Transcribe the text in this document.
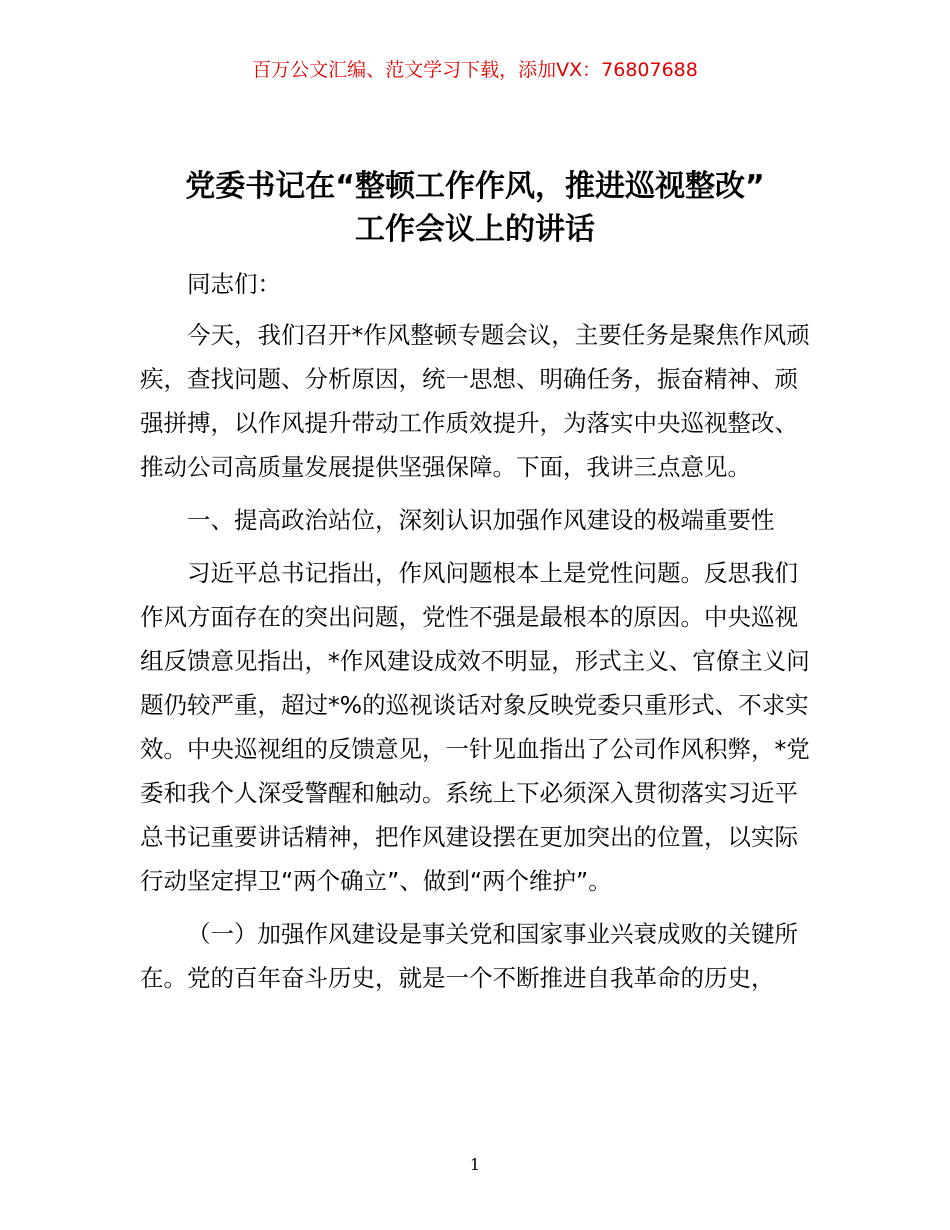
百万公文汇编、范文学习下载，添加VX：76807688
党委书记在“整顿工作作风，推进巡视整改”
工作会议上的讲话

同志们：

今天，我们召开*作风整顿专题会议，主要任务是聚焦作风顽疾，查找问题、分析原因，统一思想、明确任务，振奋精神、顽强拼搏，以作风提升带动工作质效提升，为落实中央巡视整改、推动公司高质量发展提供坚强保障。下面，我讲三点意见。

一、提高政治站位，深刻认识加强作风建设的极端重要性

习近平总书记指出，作风问题根本上是党性问题。反思我们作风方面存在的突出问题，党性不强是最根本的原因。中央巡视组反馈意见指出，*作风建设成效不明显，形式主义、官僚主义问题仍较严重，超过*%的巡视谈话对象反映党委只重形式、不求实效。中央巡视组的反馈意见，一针见血指出了公司作风积弊，*党委和我个人深受警醒和触动。系统上下必须深入贯彻落实习近平总书记重要讲话精神，把作风建设摆在更加突出的位置，以实际行动坚定捍卫“两个确立”、做到“两个维护”。

（一）加强作风建设是事关党和国家事业兴衰成败的关键所在。党的百年奋斗历史，就是一个不断推进自我革命的历史，

1
